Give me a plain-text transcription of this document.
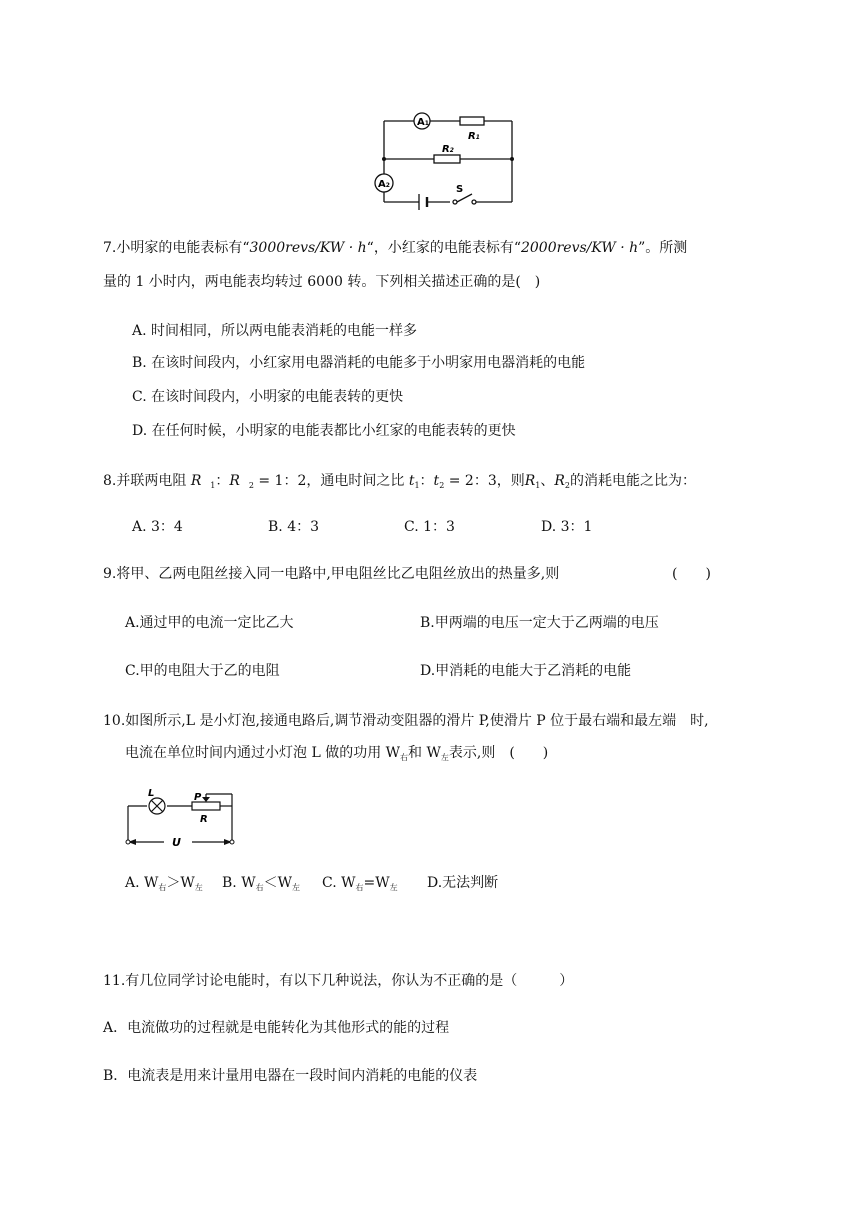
A1
A2
R1
R2
S
7.小明家的电能表标有“3000revs/KW · h“，小红家的电能表标有“2000revs/KW · h”。所测
量的 1 小时内，两电能表均转过 6000 转。下列相关描述正确的是(　)
A. 时间相同，所以两电能表消耗的电能一样多
B. 在该时间段内，小红家用电器消耗的电能多于小明家用电器消耗的电能
C. 在该时间段内，小明家的电能表转的更快
D. 在任何时候，小明家的电能表都比小红家的电能表转的更快
8.并联两电阻 R $_1$：R $_2$ = 1：2，通电时间之比 $t_1$：$t_2 = 2$：3，则$R_1$、$R_2$的消耗电能之比为：
A. 3：4	B. 4：3	C. 1：3	D. 3：1
9.将甲、乙两电阻丝接入同一电路中,甲电阻丝比乙电阻丝放出的热量多,则	(　　)
A.通过甲的电流一定比乙大	B.甲两端的电压一定大于乙两端的电压
C.甲的电阻大于乙的电阻	D.甲消耗的电能大于乙消耗的电能
10.如图所示,L 是小灯泡,接通电路后,调节滑动变阻器的滑片 P,使滑片 P 位于最右端和最左端　时,
电流在单位时间内通过小灯泡 L 做的功用 $W_右$和 $W_左$表示,则　(　　)
L	P
R
U
A. $W_右>W_左$ B. $W_右<W_左$ C. $W_右=W_左$ D.无法判断
11.有几位同学讨论电能时，有以下几种说法，你认为不正确的是（　　　）
A．电流做功的过程就是电能转化为其他形式的能的过程
B．电流表是用来计量用电器在一段时间内消耗的电能的仪表
